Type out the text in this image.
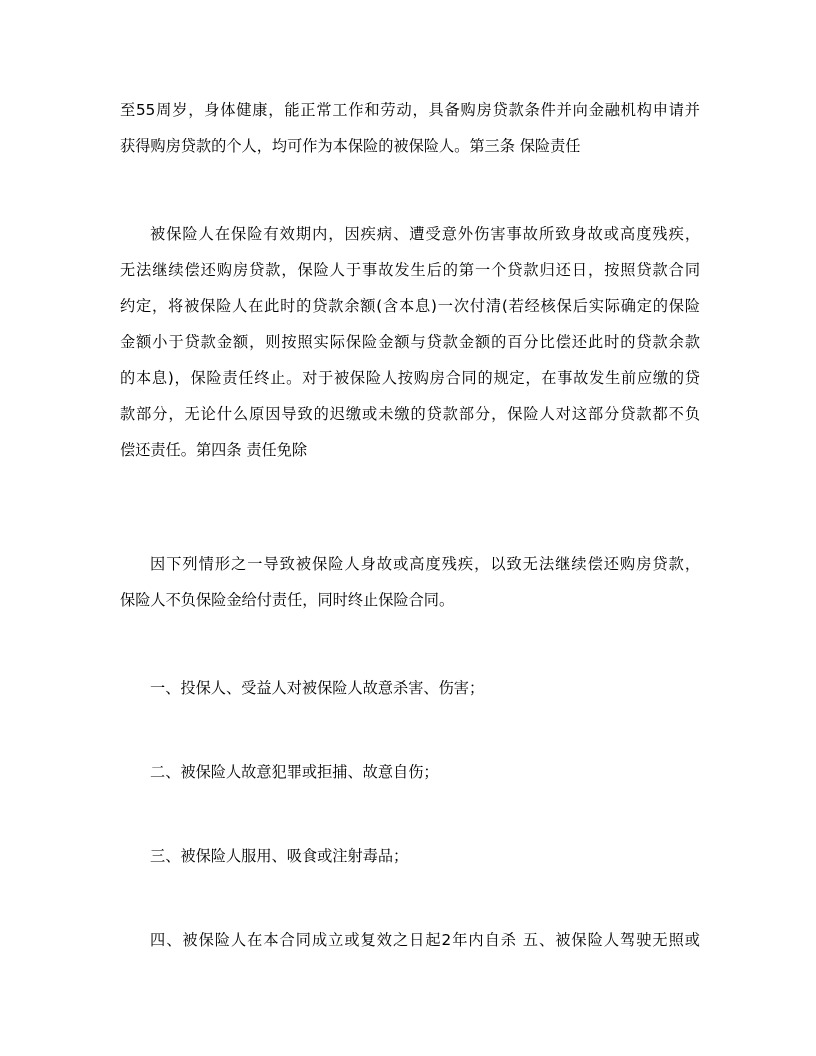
至55周岁，身体健康，能正常工作和劳动，具备购房贷款条件并向金融机构申请并
获得购房贷款的个人，均可作为本保险的被保险人。第三条 保险责任

被保险人在保险有效期内，因疾病、遭受意外伤害事故所致身故或高度残疾，
无法继续偿还购房贷款，保险人于事故发生后的第一个贷款归还日，按照贷款合同
约定，将被保险人在此时的贷款余额(含本息)一次付清(若经核保后实际确定的保险
金额小于贷款金额，则按照实际保险金额与贷款金额的百分比偿还此时的贷款余款
的本息)，保险责任终止。对于被保险人按购房合同的规定，在事故发生前应缴的贷
款部分，无论什么原因导致的迟缴或未缴的贷款部分，保险人对这部分贷款都不负
偿还责任。第四条 责任免除

因下列情形之一导致被保险人身故或高度残疾，以致无法继续偿还购房贷款，
保险人不负保险金给付责任，同时终止保险合同。

一、投保人、受益人对被保险人故意杀害、伤害；

二、被保险人故意犯罪或拒捕、故意自伤；

三、被保险人服用、吸食或注射毒品；

四、被保险人在本合同成立或复效之日起2年内自杀 五、被保险人驾驶无照或
